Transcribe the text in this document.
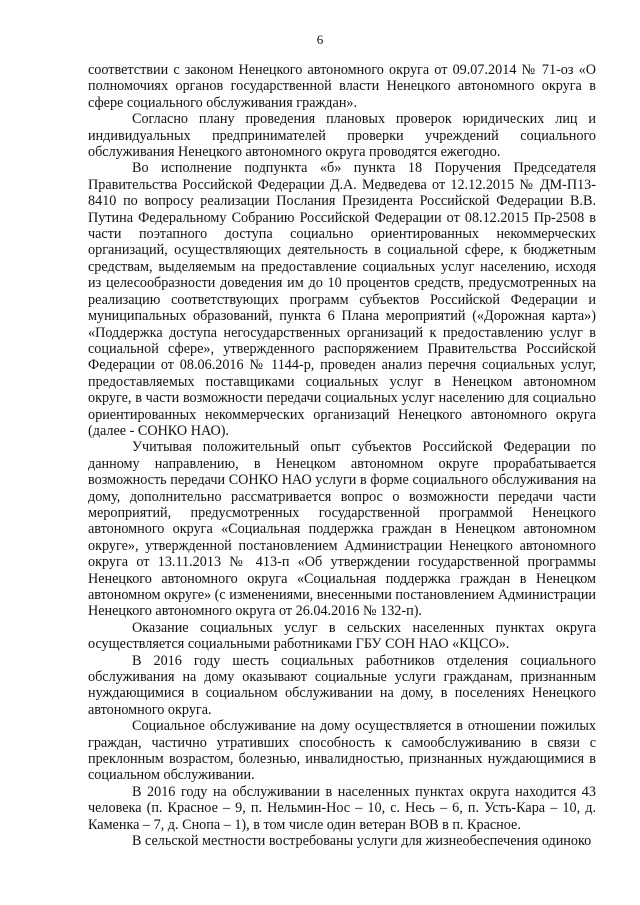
6

соответствии с законом Ненецкого автономного округа от 09.07.2014 № 71-оз «О полномочиях органов государственной власти Ненецкого автономного округа в сфере социального обслуживания граждан».

Согласно плану проведения плановых проверок юридических лиц и индивидуальных предпринимателей проверки учреждений социального обслуживания Ненецкого автономного округа проводятся ежегодно.

Во исполнение подпункта «б» пункта 18 Поручения Председателя Правительства Российской Федерации Д.А. Медведева от 12.12.2015 № ДМ-П13-8410 по вопросу реализации Послания Президента Российской Федерации В.В. Путина Федеральному Собранию Российской Федерации от 08.12.2015 Пр-2508 в части поэтапного доступа социально ориентированных некоммерческих организаций, осуществляющих деятельность в социальной сфере, к бюджетным средствам, выделяемым на предоставление социальных услуг населению, исходя из целесообразности доведения им до 10 процентов средств, предусмотренных на реализацию соответствующих программ субъектов Российской Федерации и муниципальных образований, пункта 6 Плана мероприятий («Дорожная карта») «Поддержка доступа негосударственных организаций к предоставлению услуг в социальной сфере», утвержденного распоряжением Правительства Российской Федерации от 08.06.2016 № 1144-р, проведен анализ перечня социальных услуг, предоставляемых поставщиками социальных услуг в Ненецком автономном округе, в части возможности передачи социальных услуг населению для социально ориентированных некоммерческих организаций Ненецкого автономного округа (далее - СОНКО НАО).

Учитывая положительный опыт субъектов Российской Федерации по данному направлению, в Ненецком автономном округе прорабатывается возможность передачи СОНКО НАО услуги в форме социального обслуживания на дому, дополнительно рассматривается вопрос о возможности передачи части мероприятий, предусмотренных государственной программой Ненецкого автономного округа «Социальная поддержка граждан в Ненецком автономном округе», утвержденной постановлением Администрации Ненецкого автономного округа от 13.11.2013 № 413-п «Об утверждении государственной программы Ненецкого автономного округа «Социальная поддержка граждан в Ненецком автономном округе» (с изменениями, внесенными постановлением Администрации Ненецкого автономного округа от 26.04.2016 № 132-п).

Оказание социальных услуг в сельских населенных пунктах округа осуществляется социальными работниками ГБУ СОН НАО «КЦСО».

В 2016 году шесть социальных работников отделения социального обслуживания на дому оказывают социальные услуги гражданам, признанным нуждающимися в социальном обслуживании на дому, в поселениях Ненецкого автономного округа.

Социальное обслуживание на дому осуществляется в отношении пожилых граждан, частично утративших способность к самообслуживанию в связи с преклонным возрастом, болезнью, инвалидностью, признанных нуждающимися в социальном обслуживании.

В 2016 году на обслуживании в населенных пунктах округа находится 43 человека (п. Красное – 9, п. Нельмин-Нос – 10, с. Несь – 6, п. Усть-Кара – 10, д. Каменка – 7, д. Снопа – 1), в том числе один ветеран ВОВ в п. Красное.

В сельской местности востребованы услуги для жизнеобеспечения одиноко
